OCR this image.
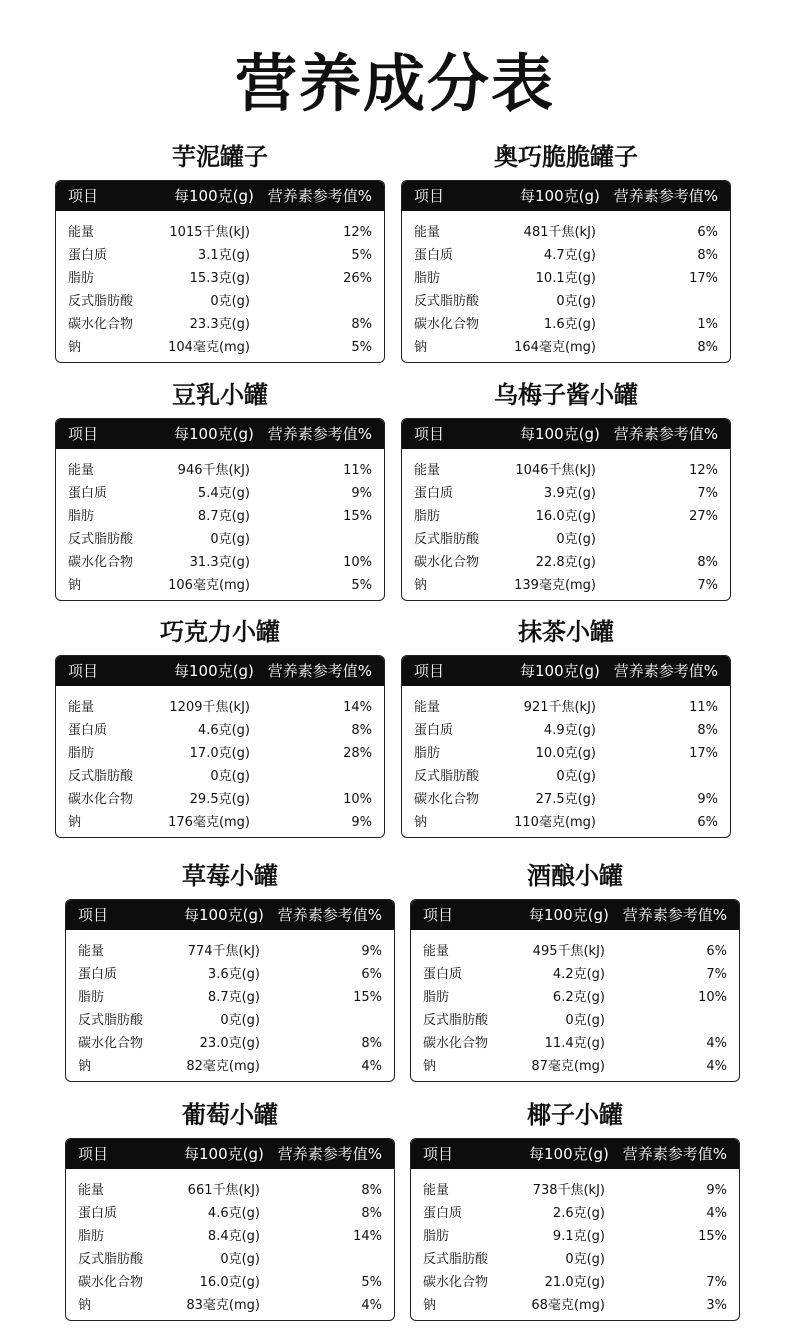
营养成分表
芋泥罐子
项目	每100克(g) 营养素参考值%
能量	1015千焦(kJ)	12%
蛋白质	3.1克(g)	5%
脂肪	15.3克(g)	26%
反式脂肪酸	0克(g)
碳水化合物	23.3克(g)	8%
钠	104毫克(mg)	5%
奥巧脆脆罐子
项目	每100克(g) 营养素参考值%
能量	481千焦(kJ)	6%
蛋白质	4.7克(g)	8%
脂肪	10.1克(g)	17%
反式脂肪酸	0克(g)
碳水化合物	1.6克(g)	1%
钠	164毫克(mg)	8%
豆乳小罐
项目	每100克(g) 营养素参考值%
能量	946千焦(kJ)	11%
蛋白质	5.4克(g)	9%
脂肪	8.7克(g)	15%
反式脂肪酸	0克(g)
碳水化合物	31.3克(g)	10%
钠	106毫克(mg)	5%
乌梅子酱小罐
项目	每100克(g) 营养素参考值%
能量	1046千焦(kJ)	12%
蛋白质	3.9克(g)	7%
脂肪	16.0克(g)	27%
反式脂肪酸	0克(g)
碳水化合物	22.8克(g)	8%
钠	139毫克(mg)	7%
巧克力小罐
项目	每100克(g) 营养素参考值%
能量	1209千焦(kJ)	14%
蛋白质	4.6克(g)	8%
脂肪	17.0克(g)	28%
反式脂肪酸	0克(g)
碳水化合物	29.5克(g)	10%
钠	176毫克(mg)	9%
抹茶小罐
项目	每100克(g) 营养素参考值%
能量	921千焦(kJ)	11%
蛋白质	4.9克(g)	8%
脂肪	10.0克(g)	17%
反式脂肪酸	0克(g)
碳水化合物	27.5克(g)	9%
钠	110毫克(mg)	6%
草莓小罐
项目	每100克(g) 营养素参考值%
能量	774千焦(kJ)	9%
蛋白质	3.6克(g)	6%
脂肪	8.7克(g)	15%
反式脂肪酸	0克(g)
碳水化合物	23.0克(g)	8%
钠	82毫克(mg)	4%
酒酿小罐
项目	每100克(g) 营养素参考值%
能量	495千焦(kJ)	6%
蛋白质	4.2克(g)	7%
脂肪	6.2克(g)	10%
反式脂肪酸	0克(g)
碳水化合物	11.4克(g)	4%
钠	87毫克(mg)	4%
葡萄小罐
项目	每100克(g) 营养素参考值%
能量	661千焦(kJ)	8%
蛋白质	4.6克(g)	8%
脂肪	8.4克(g)	14%
反式脂肪酸	0克(g)
碳水化合物	16.0克(g)	5%
钠	83毫克(mg)	4%
椰子小罐
项目	每100克(g) 营养素参考值%
能量	738千焦(kJ)	9%
蛋白质	2.6克(g)	4%
脂肪	9.1克(g)	15%
反式脂肪酸	0克(g)
碳水化合物	21.0克(g)	7%
钠	68毫克(mg)	3%
